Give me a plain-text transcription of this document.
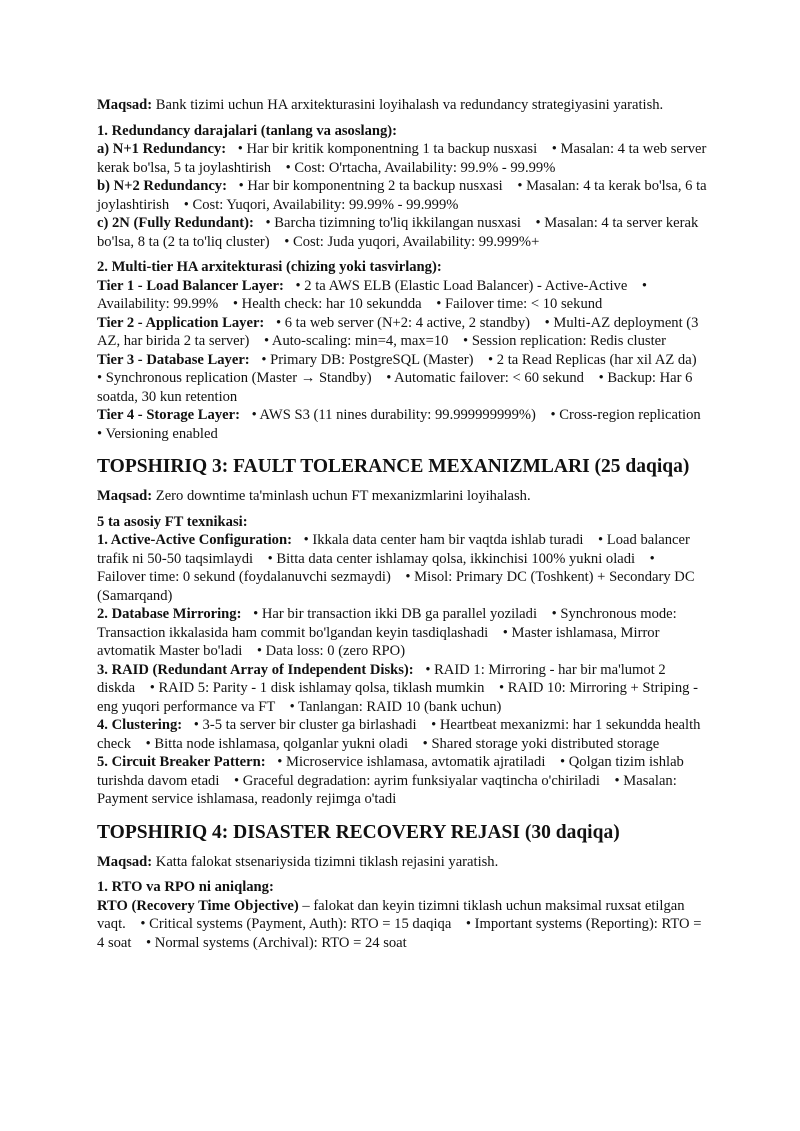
Maqsad: Bank tizimi uchun HA arxitekturasini loyihalash va redundancy strategiyasini yaratish.

1. Redundancy darajalari (tanlang va asoslang):
a) N+1 Redundancy: • Har bir kritik komponentning 1 ta backup nusxasi    • Masalan: 4 ta web server kerak bo'lsa, 5 ta joylashtirish    • Cost: O'rtacha, Availability: 99.9% - 99.99%
b) N+2 Redundancy: • Har bir komponentning 2 ta backup nusxasi    • Masalan: 4 ta kerak bo'lsa, 6 ta joylashtirish    • Cost: Yuqori, Availability: 99.99% - 99.999%
c) 2N (Fully Redundant): • Barcha tizimning to'liq ikkilangan nusxasi    • Masalan: 4 ta server kerak bo'lsa, 8 ta (2 ta to'liq cluster)    • Cost: Juda yuqori, Availability: 99.999%+
2. Multi-tier HA arxitekturasi (chizing yoki tasvirlang):
Tier 1 - Load Balancer Layer: • 2 ta AWS ELB (Elastic Load Balancer) - Active-Active    • Availability: 99.99%    • Health check: har 10 sekundda    • Failover time: < 10 sekund
Tier 2 - Application Layer: • 6 ta web server (N+2: 4 active, 2 standby)    • Multi-AZ deployment (3 AZ, har birida 2 ta server)    • Auto-scaling: min=4, max=10    • Session replication: Redis cluster
Tier 3 - Database Layer: • Primary DB: PostgreSQL (Master)    • 2 ta Read Replicas (har xil AZ da)    • Synchronous replication (Master → Standby)    • Automatic failover: < 60 sekund    • Backup: Har 6 soatda, 30 kun retention
Tier 4 - Storage Layer: • AWS S3 (11 nines durability: 99.999999999%)    • Cross-region replication    • Versioning enabled
TOPSHIRIQ 3: FAULT TOLERANCE MEXANIZMLARI (25 daqiqa)

Maqsad: Zero downtime ta'minlash uchun FT mexanizmlarini loyihalash.

5 ta asosiy FT texnikasi:
1. Active-Active Configuration: • Ikkala data center ham bir vaqtda ishlab turadi    • Load balancer trafik ni 50-50 taqsimlaydi    • Bitta data center ishlamay qolsa, ikkinchisi 100% yukni oladi    • Failover time: 0 sekund (foydalanuvchi sezmaydi)    • Misol: Primary DC (Toshkent) + Secondary DC (Samarqand)
2. Database Mirroring: • Har bir transaction ikki DB ga parallel yoziladi    • Synchronous mode: Transaction ikkalasida ham commit bo'lgandan keyin tasdiqlashadi    • Master ishlamasa, Mirror avtomatik Master bo'ladi    • Data loss: 0 (zero RPO)
3. RAID (Redundant Array of Independent Disks): • RAID 1: Mirroring - har bir ma'lumot 2 diskda    • RAID 5: Parity - 1 disk ishlamay qolsa, tiklash mumkin    • RAID 10: Mirroring + Striping - eng yuqori performance va FT    • Tanlangan: RAID 10 (bank uchun)
4. Clustering: • 3-5 ta server bir cluster ga birlashadi    • Heartbeat mexanizmi: har 1 sekundda health check    • Bitta node ishlamasa, qolganlar yukni oladi    • Shared storage yoki distributed storage
5. Circuit Breaker Pattern: • Microservice ishlamasa, avtomatik ajratiladi    • Qolgan tizim ishlab turishda davom etadi    • Graceful degradation: ayrim funksiyalar vaqtincha o'chiriladi    • Masalan: Payment service ishlamasa, readonly rejimga o'tadi
TOPSHIRIQ 4: DISASTER RECOVERY REJASI (30 daqiqa)

Maqsad: Katta falokat stsenariysida tizimni tiklash rejasini yaratish.

1. RTO va RPO ni aniqlang:
RTO (Recovery Time Objective) – falokat dan keyin tizimni tiklash uchun maksimal ruxsat etilgan vaqt.    • Critical systems (Payment, Auth): RTO = 15 daqiqa    • Important systems (Reporting): RTO = 4 soat    • Normal systems (Archival): RTO = 24 soat
